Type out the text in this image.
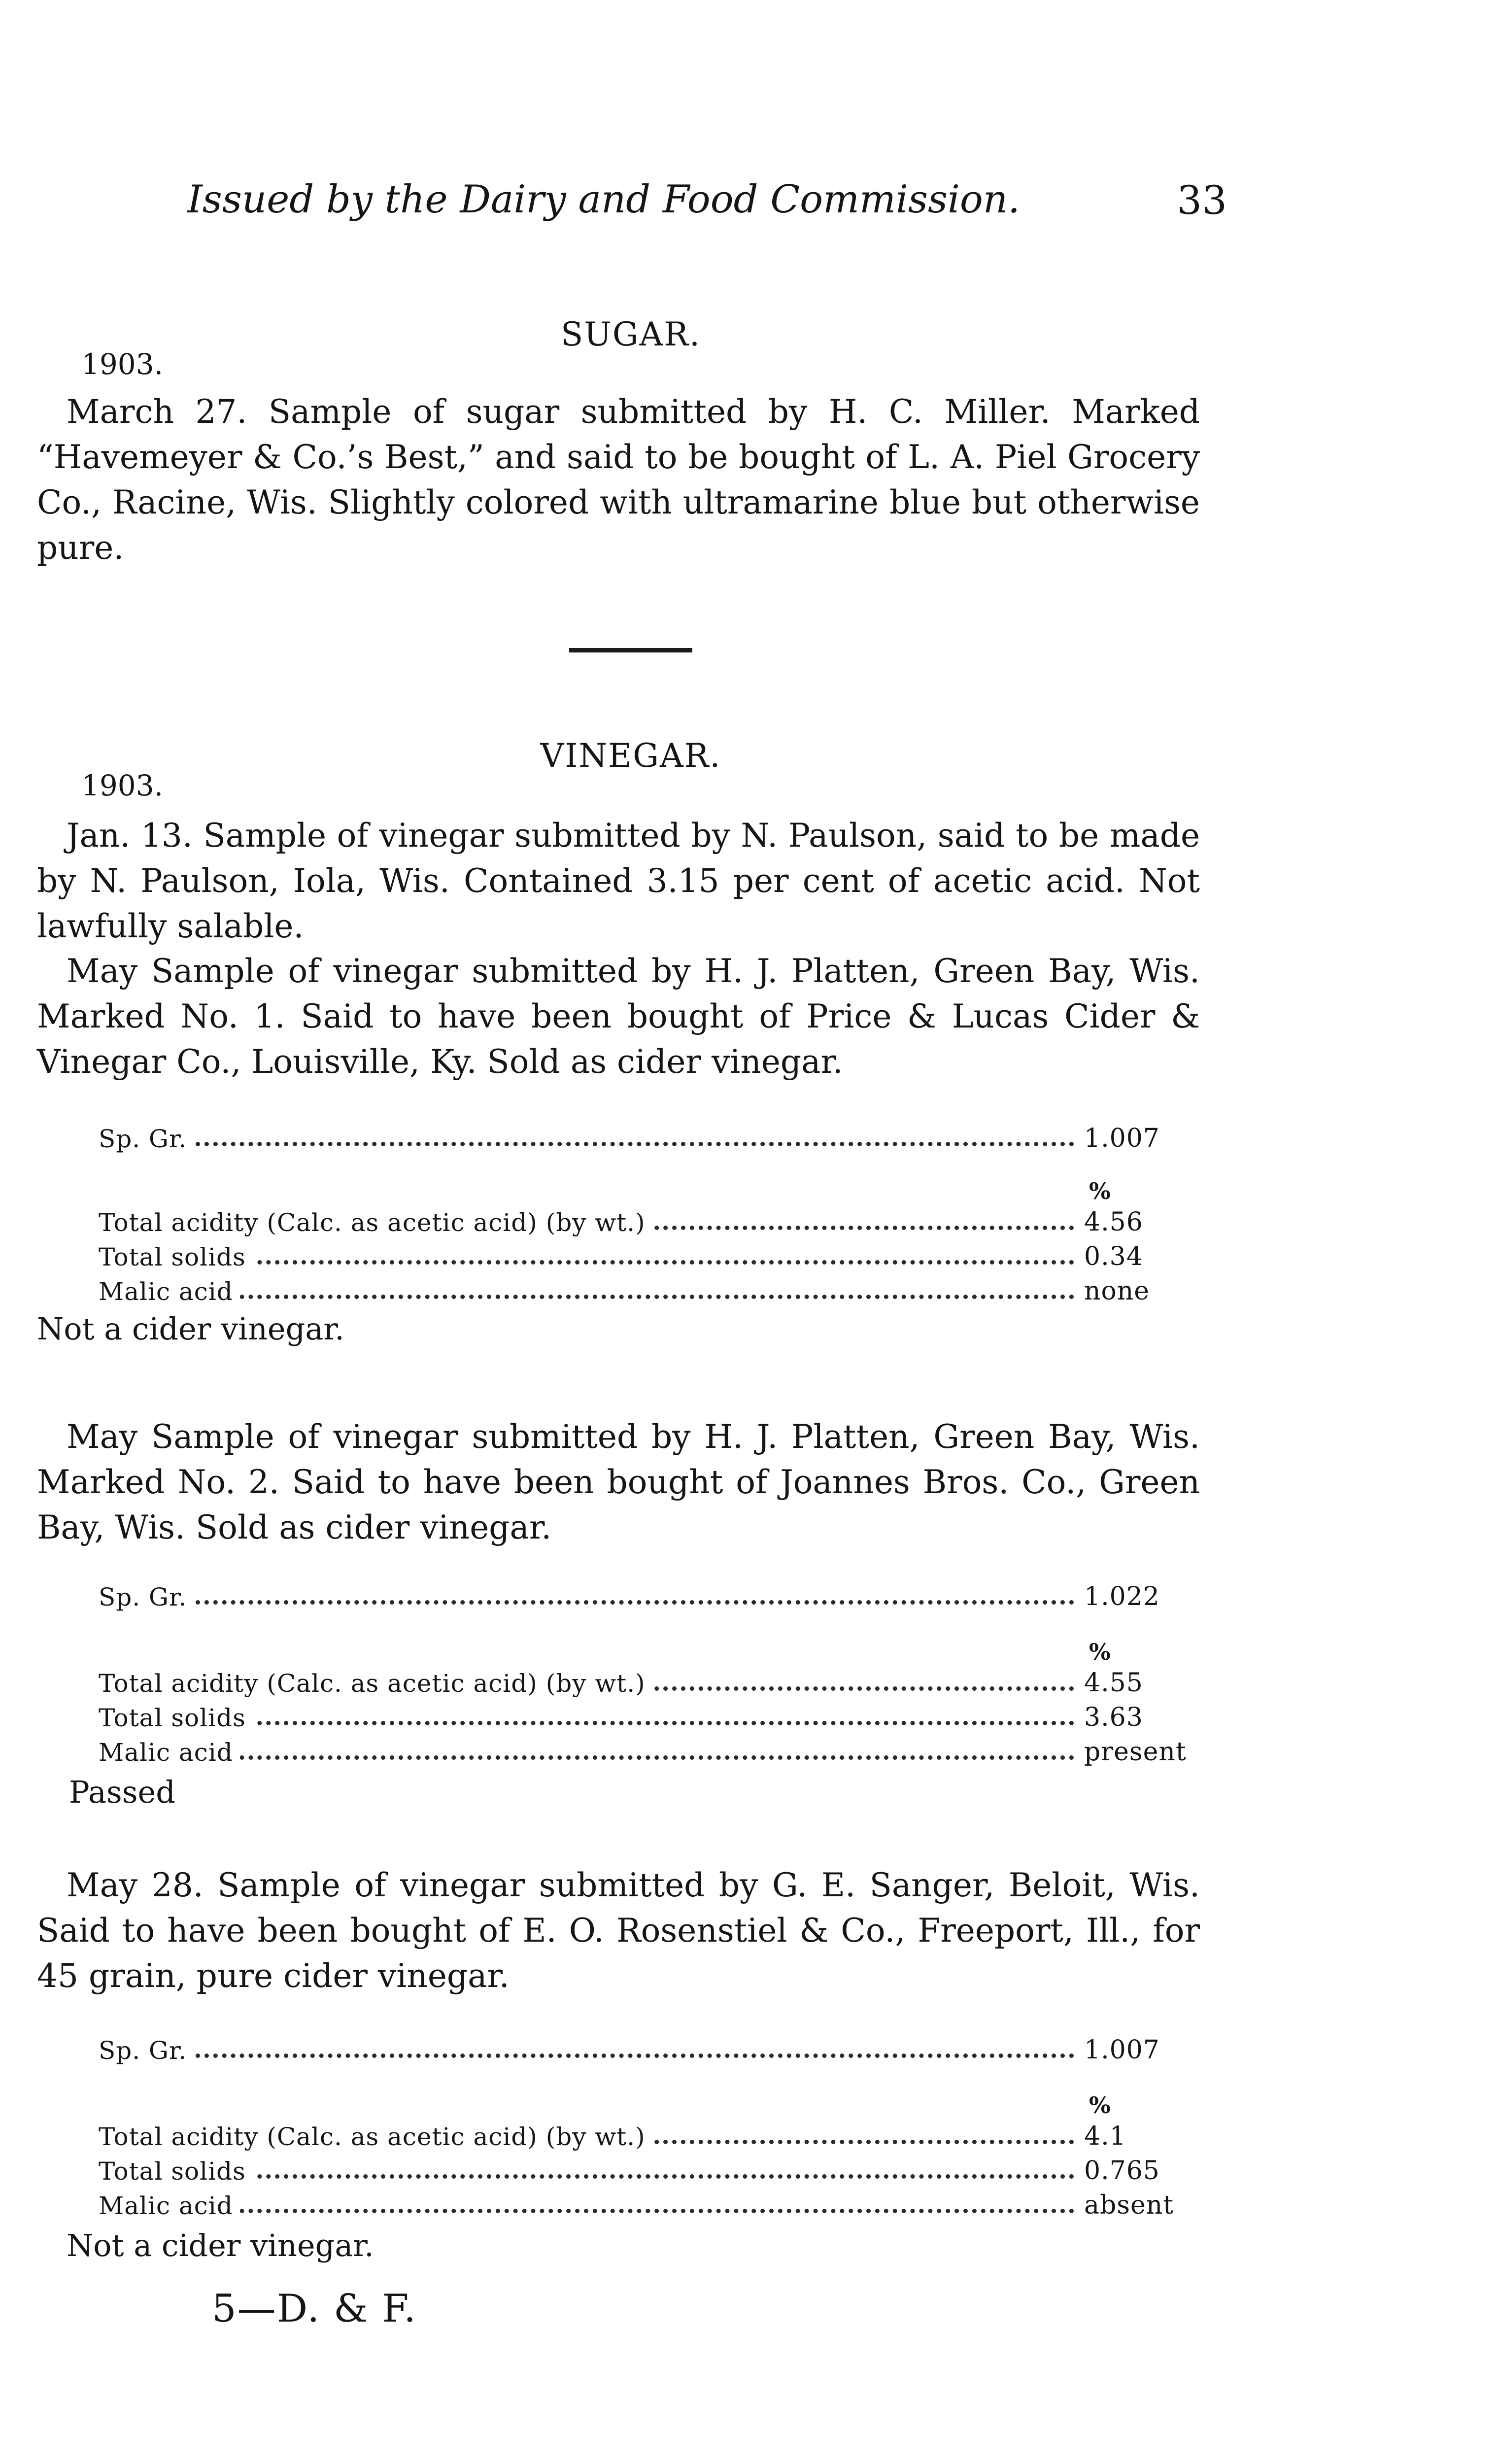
Issued by the Dairy and Food Commission.	33
SUGAR.
1903.
March 27. Sample of sugar submitted by H. C. Miller. Marked “Havemeyer & Co.’s Best,” and said to be bought of L. A. Piel Grocery Co., Racine, Wis. Slightly colored with ultramarine blue but otherwise pure.
VINEGAR.
1903.
Jan. 13. Sample of vinegar submitted by N. Paulson, said to be made by N. Paulson, Iola, Wis. Contained 3.15 per cent of acetic acid. Not lawfully salable.
May Sample of vinegar submitted by H. J. Platten, Green Bay, Wis. Marked No. 1. Said to have been bought of Price & Lucas Cider & Vinegar Co., Louisville, Ky. Sold as cider vinegar.
Sp. Gr.	1.007
%
Total acidity (Calc. as acetic acid) (by wt.)	4.56
Total solids	0.34
Malic acid	none
Not a cider vinegar.
May Sample of vinegar submitted by H. J. Platten, Green Bay, Wis. Marked No. 2. Said to have been bought of Joannes Bros. Co., Green Bay, Wis. Sold as cider vinegar.
Sp. Gr.	1.022
%
Total acidity (Calc. as acetic acid) (by wt.)	4.55
Total solids	3.63
Malic acid	present
Passed
May 28. Sample of vinegar submitted by G. E. Sanger, Beloit, Wis. Said to have been bought of E. O. Rosenstiel & Co., Freeport, Ill., for 45 grain, pure cider vinegar.
Sp. Gr.	1.007
%
Total acidity (Calc. as acetic acid) (by wt.)	4.1
Total solids	0.765
Malic acid	absent
Not a cider vinegar.
5—D. & F.
